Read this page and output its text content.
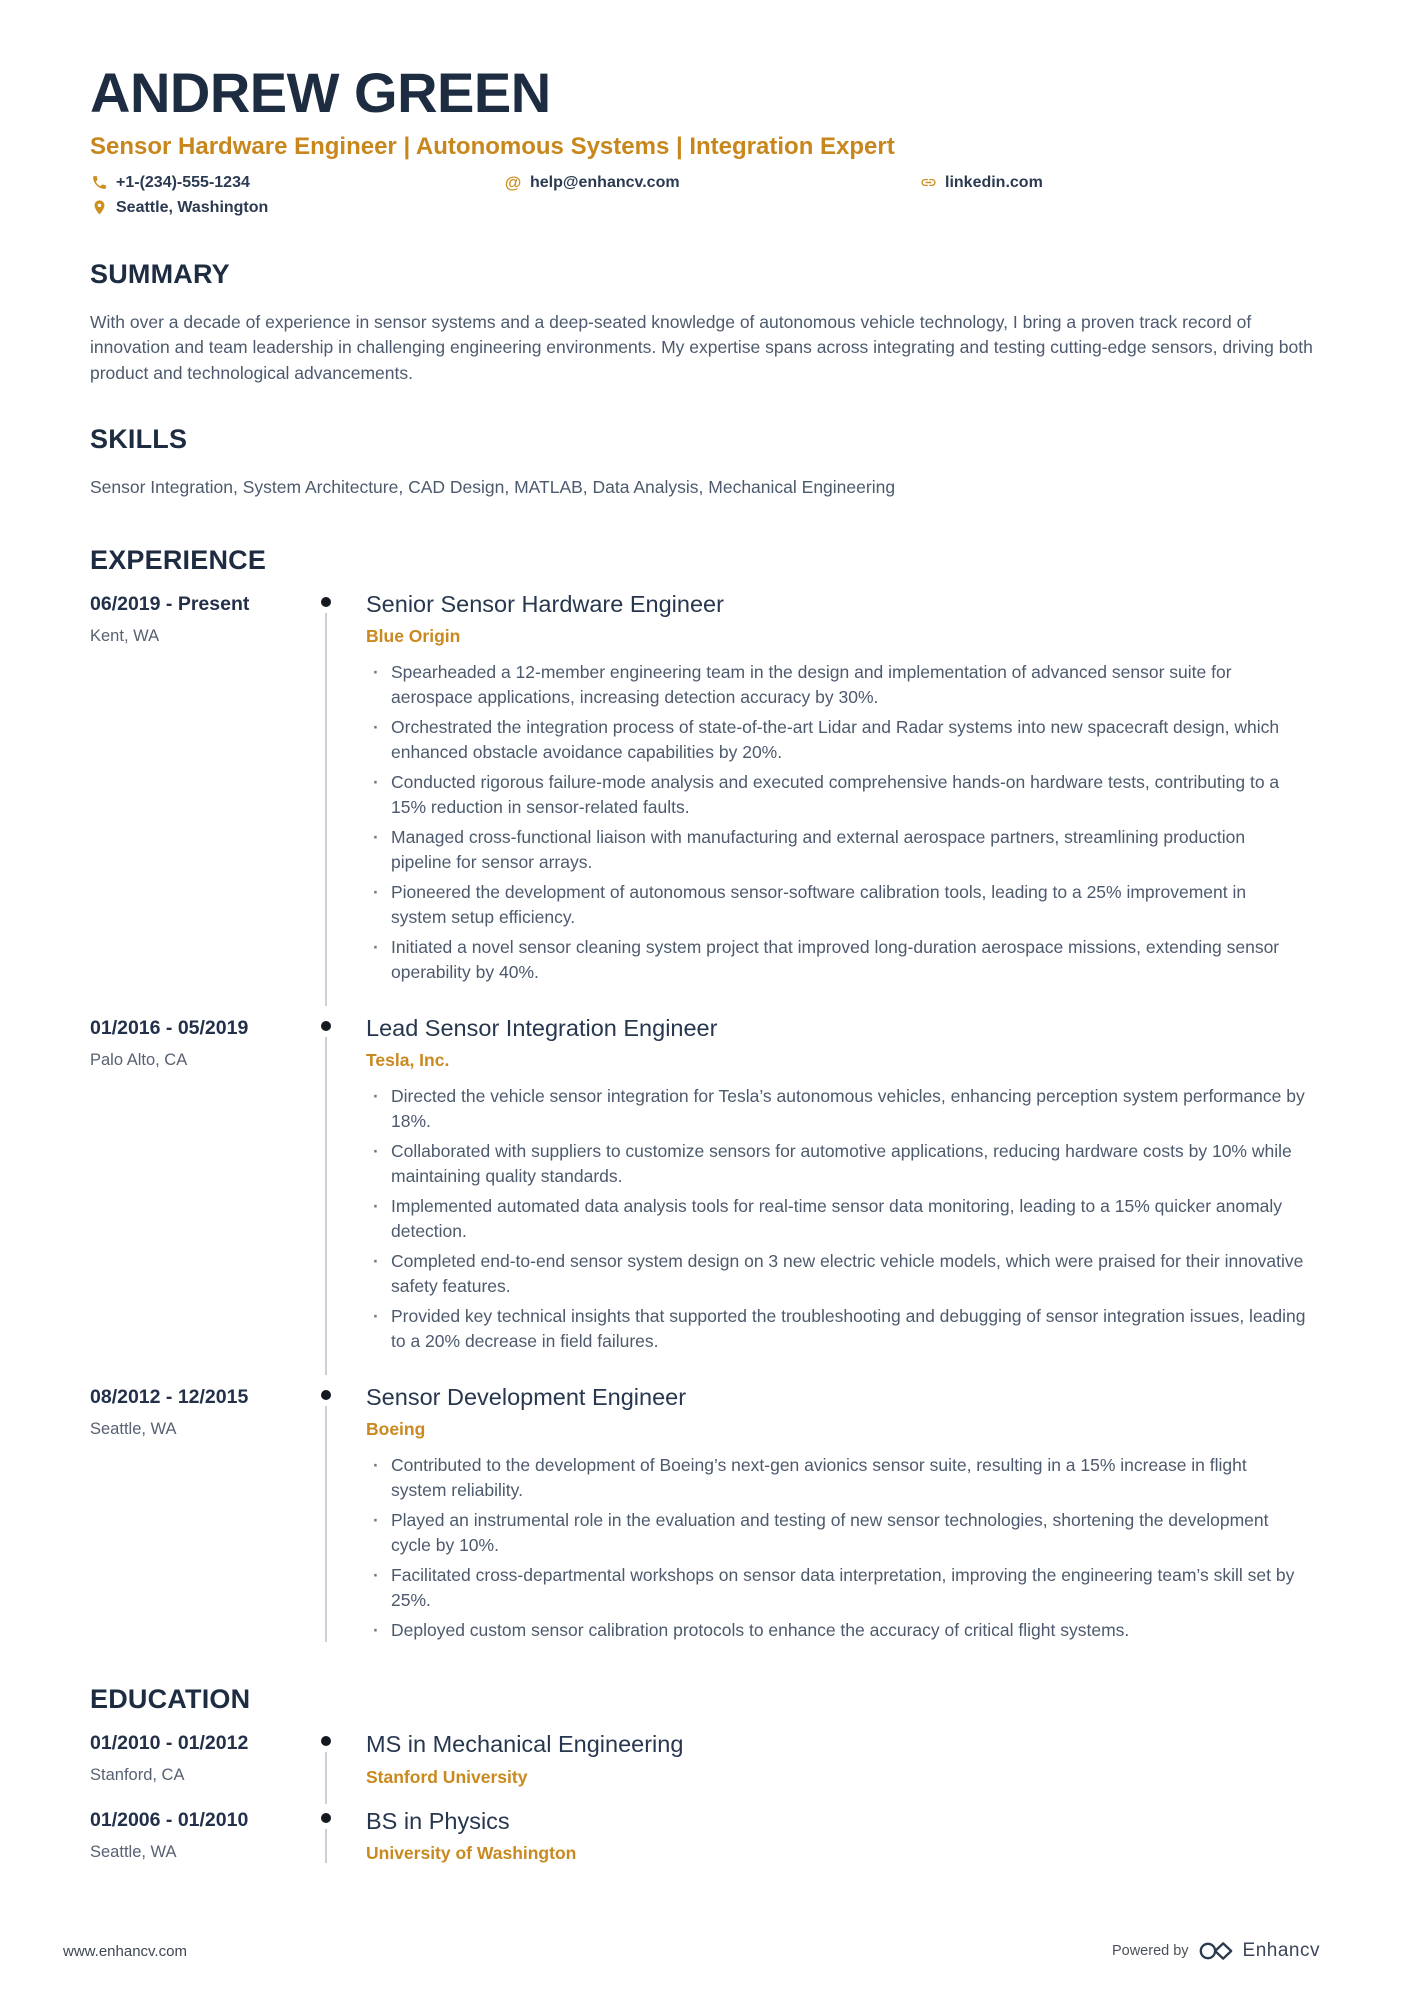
ANDREW GREEN
Sensor Hardware Engineer | Autonomous Systems | Integration Expert
+1-(234)-555-1234	@ help@enhancv.com	linkedin.com
Seattle, Washington
SUMMARY

With over a decade of experience in sensor systems and a deep-seated knowledge of autonomous vehicle technology, I bring a proven track record of innovation and team leadership in challenging engineering environments. My expertise spans across integrating and testing cutting-edge sensors, driving both product and technological advancements.

SKILLS

Sensor Integration, System Architecture, CAD Design, MATLAB, Data Analysis, Mechanical Engineering

EXPERIENCE
06/2019 - Present
Kent, WA
Senior Sensor Hardware Engineer
Blue Origin
· Spearheaded a 12-member engineering team in the design and implementation of advanced sensor suite for aerospace applications, increasing detection accuracy by 30%.
· Orchestrated the integration process of state-of-the-art Lidar and Radar systems into new spacecraft design, which enhanced obstacle avoidance capabilities by 20%.
· Conducted rigorous failure-mode analysis and executed comprehensive hands-on hardware tests, contributing to a 15% reduction in sensor-related faults.
· Managed cross-functional liaison with manufacturing and external aerospace partners, streamlining production pipeline for sensor arrays.
· Pioneered the development of autonomous sensor-software calibration tools, leading to a 25% improvement in system setup efficiency.
· Initiated a novel sensor cleaning system project that improved long-duration aerospace missions, extending sensor operability by 40%.
01/2016 - 05/2019
Palo Alto, CA
Lead Sensor Integration Engineer
Tesla, Inc.
· Directed the vehicle sensor integration for Tesla’s autonomous vehicles, enhancing perception system performance by 18%.
· Collaborated with suppliers to customize sensors for automotive applications, reducing hardware costs by 10% while maintaining quality standards.
· Implemented automated data analysis tools for real-time sensor data monitoring, leading to a 15% quicker anomaly detection.
· Completed end-to-end sensor system design on 3 new electric vehicle models, which were praised for their innovative safety features.
· Provided key technical insights that supported the troubleshooting and debugging of sensor integration issues, leading to a 20% decrease in field failures.
08/2012 - 12/2015
Seattle, WA
Sensor Development Engineer
Boeing
· Contributed to the development of Boeing’s next-gen avionics sensor suite, resulting in a 15% increase in flight system reliability.
· Played an instrumental role in the evaluation and testing of new sensor technologies, shortening the development cycle by 10%.
· Facilitated cross-departmental workshops on sensor data interpretation, improving the engineering team’s skill set by 25%.
· Deployed custom sensor calibration protocols to enhance the accuracy of critical flight systems.
EDUCATION
01/2010 - 01/2012
Stanford, CA
MS in Mechanical Engineering
Stanford University
01/2006 - 01/2010
Seattle, WA
BS in Physics
University of Washington
www.enhancv.com	Powered by	Enhancv
